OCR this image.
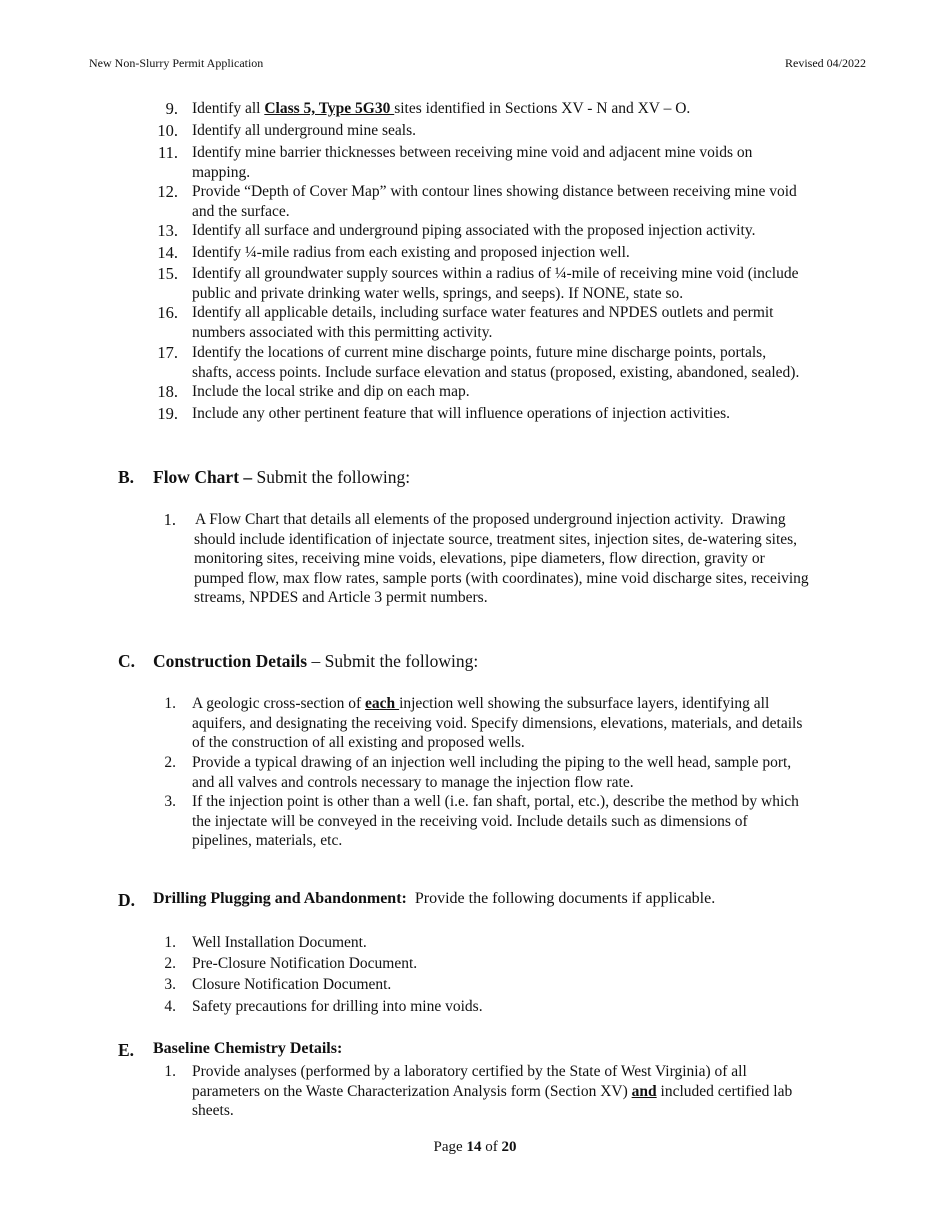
New Non-Slurry Permit Application	Revised 04/2022
9. Identify all Class 5, Type 5G30 sites identified in Sections XV - N and XV – O.
10. Identify all underground mine seals.
11. Identify mine barrier thicknesses between receiving mine void and adjacent mine voids on
mapping.
12. Provide “Depth of Cover Map” with contour lines showing distance between receiving mine void
and the surface.
13. Identify all surface and underground piping associated with the proposed injection activity.
14. Identify ¼-mile radius from each existing and proposed injection well.
15. Identify all groundwater supply sources within a radius of ¼-mile of receiving mine void (include
public and private drinking water wells, springs, and seeps). If NONE, state so.
16. Identify all applicable details, including surface water features and NPDES outlets and permit
numbers associated with this permitting activity.
17. Identify the locations of current mine discharge points, future mine discharge points, portals,
shafts, access points. Include surface elevation and status (proposed, existing, abandoned, sealed).
18. Include the local strike and dip on each map.
19. Include any other pertinent feature that will influence operations of injection activities.
B. Flow Chart – Submit the following:
1. A Flow Chart that details all elements of the proposed underground injection activity.  Drawing
should include identification of injectate source, treatment sites, injection sites, de-watering sites,
monitoring sites, receiving mine voids, elevations, pipe diameters, flow direction, gravity or
pumped flow, max flow rates, sample ports (with coordinates), mine void discharge sites, receiving
streams, NPDES and Article 3 permit numbers.
C. Construction Details – Submit the following:
1. A geologic cross-section of each injection well showing the subsurface layers, identifying all
aquifers, and designating the receiving void. Specify dimensions, elevations, materials, and details
of the construction of all existing and proposed wells.
2. Provide a typical drawing of an injection well including the piping to the well head, sample port,
and all valves and controls necessary to manage the injection flow rate.
3. If the injection point is other than a well (i.e. fan shaft, portal, etc.), describe the method by which
the injectate will be conveyed in the receiving void. Include details such as dimensions of
pipelines, materials, etc.
D. Drilling Plugging and Abandonment:  Provide the following documents if applicable.
1. Well Installation Document.
2. Pre-Closure Notification Document.
3. Closure Notification Document.
4. Safety precautions for drilling into mine voids.
E. Baseline Chemistry Details:
1. Provide analyses (performed by a laboratory certified by the State of West Virginia) of all
parameters on the Waste Characterization Analysis form (Section XV) and included certified lab
sheets.
Page 14 of 20
